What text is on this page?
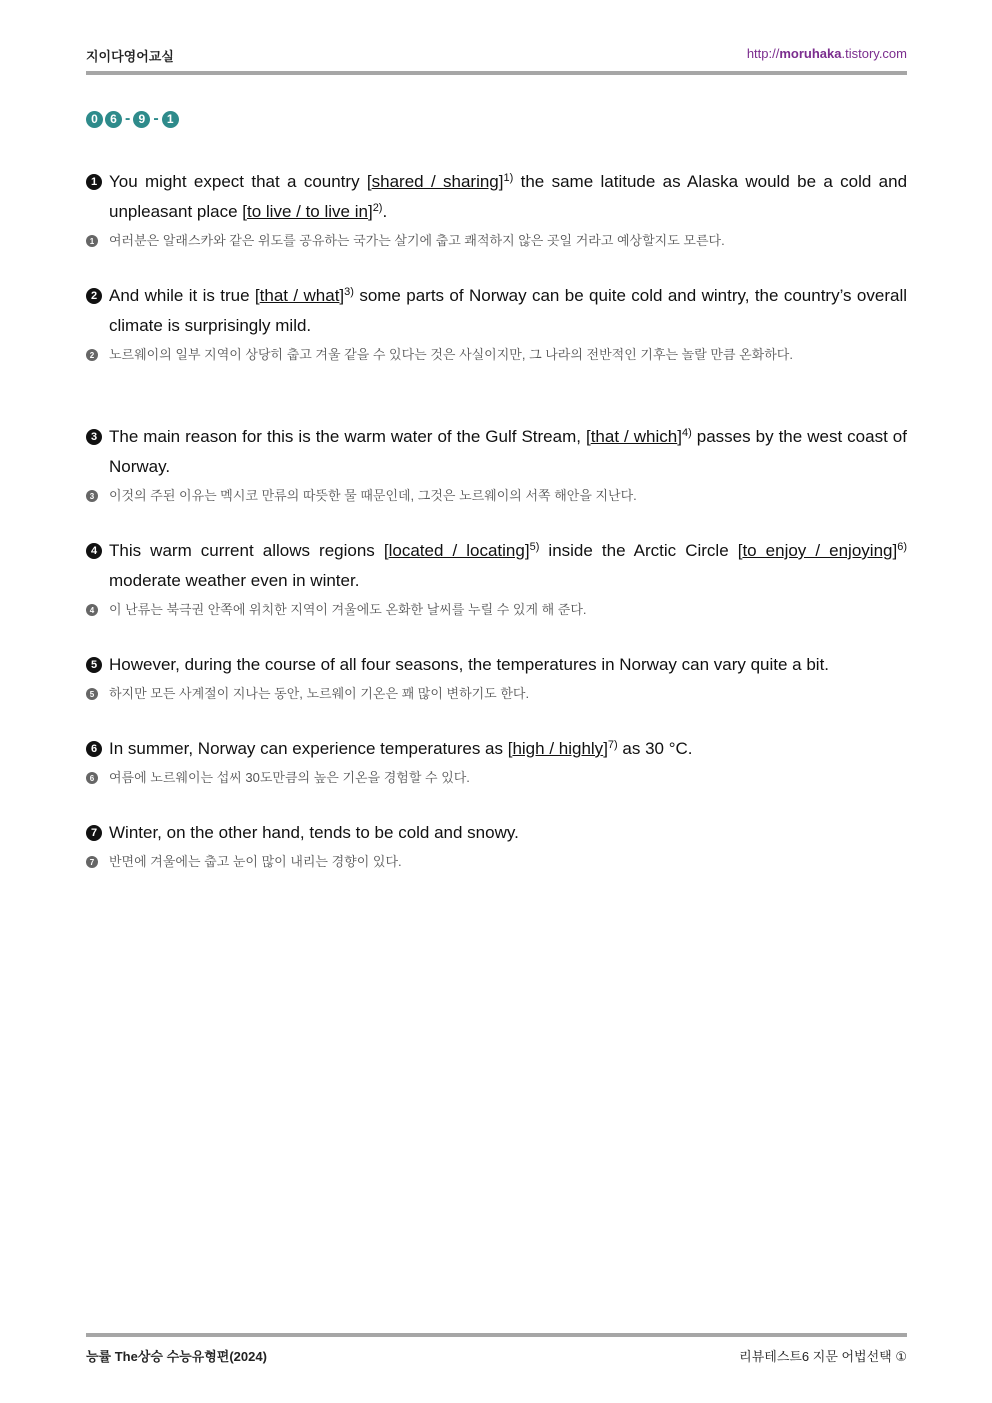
지이다영어교실	http://moruhaka.tistory.com
0	6 - 9 - 1
1 You might expect that a country [shared / sharing]$^{1)}$ the same latitude as Alaska would be a cold and unpleasant place [to live / to live in]$^{2)}$.
1 여러분은 알래스카와 같은 위도를 공유하는 국가는 살기에 춥고 쾌적하지 않은 곳일 거라고 예상할지도 모른다.
2 And while it is true [that / what]$^{3)}$ some parts of Norway can be quite cold and wintry, the country’s overall climate is surprisingly mild.
2 노르웨이의 일부 지역이 상당히 춥고 겨울 같을 수 있다는 것은 사실이지만, 그 나라의 전반적인 기후는 놀랄 만큼 온화하다.
3 The main reason for this is the warm water of the Gulf Stream, [that / which]$^{4)}$ passes by the west coast of Norway.
3 이것의 주된 이유는 멕시코 만류의 따뜻한 물 때문인데, 그것은 노르웨이의 서쪽 해안을 지난다.
4 This warm current allows regions [located / locating]$^{5)}$ inside the Arctic Circle [to enjoy / enjoying]$^{6)}$ moderate weather even in winter.
4 이 난류는 북극권 안쪽에 위치한 지역이 겨울에도 온화한 날씨를 누릴 수 있게 해 준다.
5 However, during the course of all four seasons, the temperatures in Norway can vary quite a bit.
5 하지만 모든 사계절이 지나는 동안, 노르웨이 기온은 꽤 많이 변하기도 한다.
6 In summer, Norway can experience temperatures as [high / highly]$^{7)}$ as 30 °C.
6 여름에 노르웨이는 섭씨 30도만큼의 높은 기온을 경험할 수 있다.
7 Winter, on the other hand, tends to be cold and snowy.
7 반면에 겨울에는 춥고 눈이 많이 내리는 경향이 있다.
능률 The상승 수능유형편(2024)	리뷰테스트6 지문 어법선택 ①
